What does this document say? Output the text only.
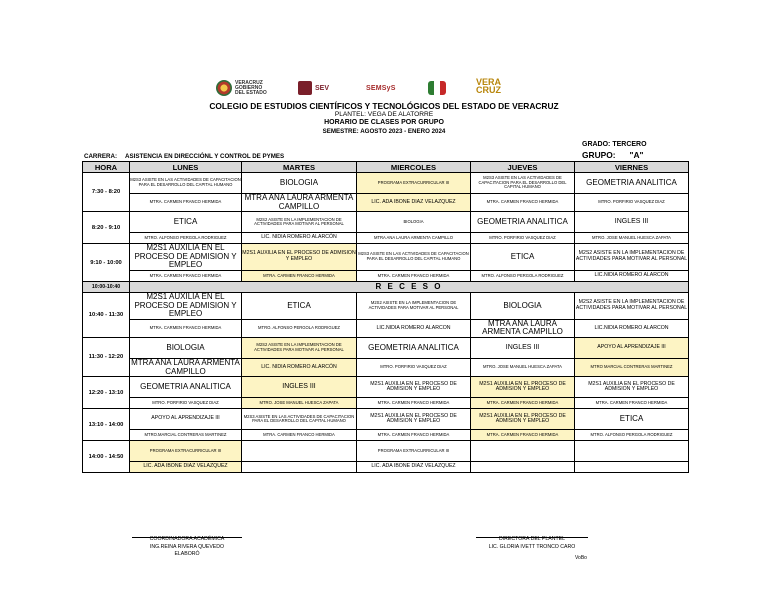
VERACRUZ
GOBIERNO
DEL ESTADO
SEV	SEMSyS
VERA
CRUZ
COLEGIO DE ESTUDIOS CIENTÍFICOS Y TECNOLÓGICOS DEL ESTADO DE VERACRUZ
PLANTEL: VEGA DE ALATORRE
HORARIO DE CLASES POR GRUPO
SEMESTRE: AGOSTO 2023 - ENERO 2024
GRADO: TERCERO
GRUPO: "A"
CARRERA: ASISTENCIA EN DIRECCIÓNL Y CONTROL DE PYMES
HORA	LUNES	MARTES	MIERCOLES	JUEVES	VIERNES
7:30 - 8:20	M2S3 ASISTE EN LAS ACTIVIDADES DE CAPACITACION PARA EL DESARROLLO DEL CAPITAL HUMANO	BIOLOGIA	PROGRAMA EXTRACURRICULAR III	M2S3 ASISTE EN LAS ACTIVIDADES DE CAPACITACION PARA EL DESARROLLO DEL CAPITAL HUMANO	GEOMETRIA ANALITICA
	MTRA. CARMEN FRANCO HERMIDA	MTRA ANA LAURA ARMENTA CAMPILLO	LIC. ADA IBONE DIAZ VELAZQUEZ	MTRA. CARMEN FRANCO HERMIDA	MTRO. PORFIRIO VASQUEZ DIAZ
8:20 - 9:10	ETICA	M2S2 ASISTE EN LA IMPLEMENTACION DE ACTIVIDADES PARA MOTIVAR AL PERSONAL	BIOLOGIA	GEOMETRIA ANALITICA	INGLES III
	MTRO. ALFONSO PERGOLA RODRIGUEZ	LIC. NIDIA ROMERO ALARCÓN	MTRA ANA LAURA ARMENTA CAMPILLO	MTRO. PORFIRIO VASQUEZ DIAZ	MTRO. JOSE MANUEL HUESCA ZAPATA
9:10 - 10:00	M2S1 AUXILIA EN EL PROCESO DE ADMISION Y EMPLEO	M2S1 AUXILIA EN EL PROCESO DE ADMISION Y EMPLEO	M2S3 ASISTE EN LAS ACTIVIDADES DE CAPACITACION PARA EL DESARROLLO DEL CAPITAL HUMANO	ETICA	M2S2 ASISTE EN LA IMPLEMENTACION DE ACTIVIDADES PARA MOTIVAR AL PERSONAL
	MTRA. CARMEN FRANCO HERMIDA	MTRA. CARMEN FRANCO HERMIDA	MTRA. CARMEN FRANCO HERMIDA	MTRO. ALFONSO PERGOLA RODRIGUEZ	LIC.NIDIA ROMERO ALARCON
10:00-10:40	R E C E S O				
10:40 - 11:30	M2S1 AUXILIA EN EL PROCESO DE ADMISION Y EMPLEO	ETICA	M2S2 ASISTE EN LA IMPLEMENTACION DE ACTIVIDADES PARA MOTIVAR AL PERSONAL	BIOLOGIA	M2S2 ASISTE EN LA IMPLEMENTACION DE ACTIVIDADES PARA MOTIVAR AL PERSONAL
	MTRA. CARMEN FRANCO HERMIDA	MTRO. ALFONSO PERGOLA RODRIGUEZ	LIC.NIDIA ROMERO ALARCON	MTRA ANA LAURA ARMENTA CAMPILLO	LIC.NIDIA ROMERO ALARCON
11:30 - 12:20	BIOLOGIA	M2S2 ASISTE EN LA IMPLEMENTACION DE ACTIVIDADES PARA MOTIVAR AL PERSONAL	GEOMETRIA ANALITICA	INGLES III	APOYO AL APRENDIZAJE III
	MTRA ANA LAURA ARMENTA CAMPILLO	LIC. NIDIA ROMERO ALARCÓN	MTRO. PORFIRIO VASQUEZ DIAZ	MTRO. JOSE MANUEL HUESCA ZAPATA	MTRO MARCIAL CONTRERAS MARTINEZ
12:20 - 13:10	GEOMETRIA ANALITICA	INGLES III	M2S1 AUXILIA EN EL PROCESO DE ADMISION Y EMPLEO	M2S1 AUXILIA EN EL PROCESO DE ADMISION Y EMPLEO	M2S1 AUXILIA EN EL PROCESO DE ADMISION Y EMPLEO
	MTRO. PORFIRIO VASQUEZ DIAZ	MTRO. JOSE MANUEL HUESCA ZAPATA	MTRA. CARMEN FRANCO HERMIDA	MTRA. CARMEN FRANCO HERMIDA	MTRA. CARMEN FRANCO HERMIDA
13:10 - 14:00	APOYO AL APRENDIZAJE III	M2S3 ASISTE EN LAS ACTIVIDADES DE CAPACITACION PARA EL DESARROLLO DEL CAPITAL HUMANO	M2S1 AUXILIA EN EL PROCESO DE ADMISION Y EMPLEO	M2S1 AUXILIA EN EL PROCESO DE ADMISION Y EMPLEO	ETICA
	MTRO.MARCIAL CONTRERAS MARTINEZ	MTRA. CARMEN FRANCO HERMIDA	MTRA. CARMEN FRANCO HERMIDA	MTRA. CARMEN FRANCO HERMIDA	MTRO. ALFONSO PERGOLA RODRIGUEZ
14:00 - 14:50	PROGRAMA EXTRACURRICULAR III		PROGRAMA EXTRACURRICULAR III		
	LIC. ADA IBONE DIAZ VELAZQUEZ		LIC. ADA IBONE DIAZ VELAZQUEZ		
COORDINADORA ACADÉMICA
ING.REINA RIVERA QUEVEDO
ELABORÓ
DIRECTORA DEL PLANTEL
LIC. GLORIA IVETT TRONCO CARO
VoBo
